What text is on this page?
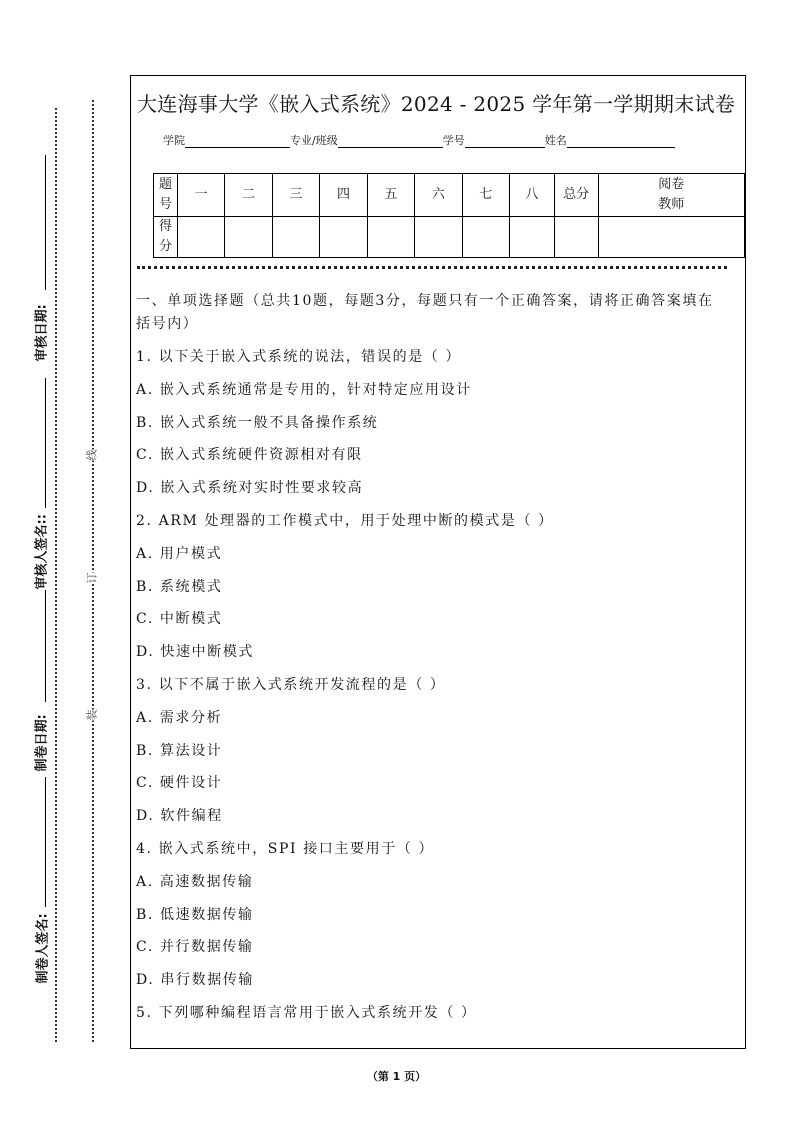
审核日期:
审核人签名::
制卷日期:
制卷人签名:
线
订
装
大连海事大学《嵌入式系统》2024 - 2025 学年第一学期期末试卷
学院	专业/班级	学号	姓名
题
号	一	二	三	四	五	六	七	八	总分	阅卷
教师
得
分										
一、单项选择题（总共10题，每题3分，每题只有一个正确答案，请将正确答案填在
括号内）
1. 以下关于嵌入式系统的说法，错误的是（ ）
A. 嵌入式系统通常是专用的，针对特定应用设计
B. 嵌入式系统一般不具备操作系统
C. 嵌入式系统硬件资源相对有限
D. 嵌入式系统对实时性要求较高
2. ARM 处理器的工作模式中，用于处理中断的模式是（ ）
A. 用户模式
B. 系统模式
C. 中断模式
D. 快速中断模式
3. 以下不属于嵌入式系统开发流程的是（ ）
A. 需求分析
B. 算法设计
C. 硬件设计
D. 软件编程
4. 嵌入式系统中，SPI 接口主要用于（ ）
A. 高速数据传输
B. 低速数据传输
C. 并行数据传输
D. 串行数据传输
5. 下列哪种编程语言常用于嵌入式系统开发（ ）
（第 1 页）
